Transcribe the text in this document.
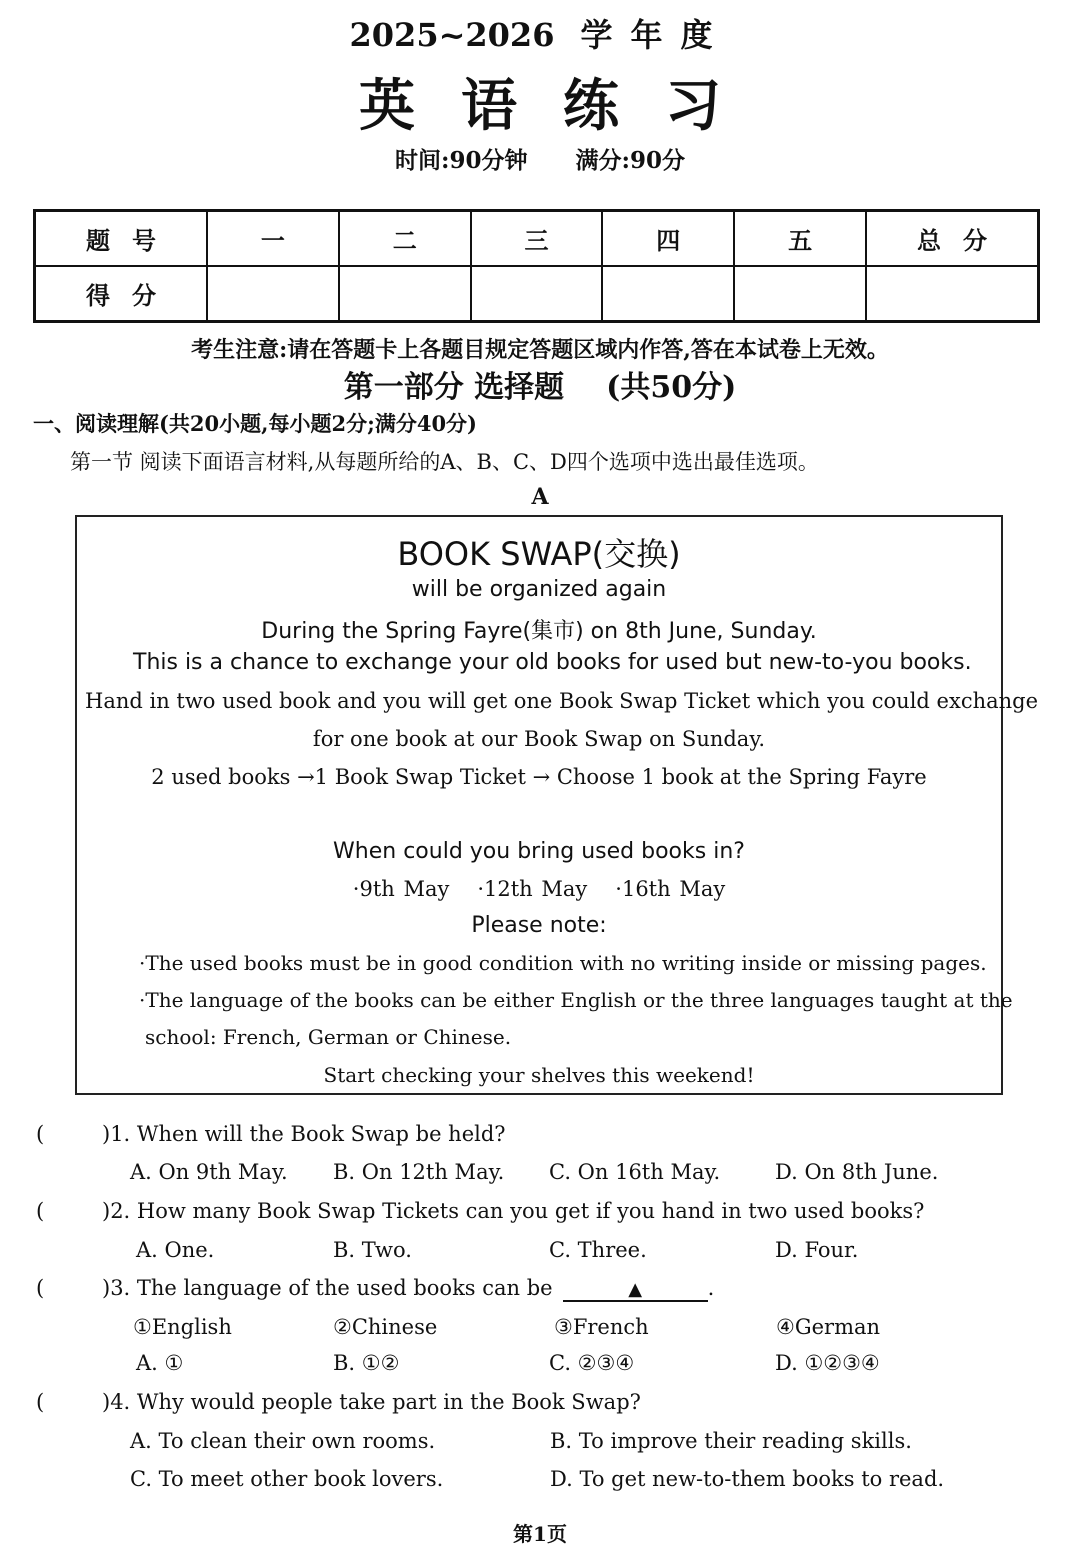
2025~2026 学年度
英语练习
时间:90分钟 满分:90分
题号	一	二	三	四	五	总分
得分						
考生注意:请在答题卡上各题目规定答题区域内作答,答在本试卷上无效。
第一部分 选择题 (共50分)
一、阅读理解(共20小题,每小题2分;满分40分)
第一节 阅读下面语言材料,从每题所给的A、B、C、D四个选项中选出最佳选项。
A
BOOK SWAP(交换)
will be organized again
During the Spring Fayre(集市) on 8th June, Sunday.
This is a chance to exchange your old books for used but new-to-you books.
Hand in two used book and you will get one Book Swap Ticket which you could exchange
for one book at our Book Swap on Sunday.
2 used books →1 Book Swap Ticket → Choose 1 book at the Spring Fayre
When could you bring used books in?
·9th May ·12th May ·16th May
Please note:
·The used books must be in good condition with no writing inside or missing pages.
·The language of the books can be either English or the three languages taught at the
school: French, German or Chinese.
Start checking your shelves this weekend!
(	)1. When will the Book Swap be held?
A. On 9th May. B. On 12th May. C. On 16th May.	D. On 8th June.
(	)2. How many Book Swap Tickets can you get if you hand in two used books?
A. One.	B. Two.	C. Three.	D. Four.
(	)3. The language of the used books can be	▲	.
①English	②Chinese	③French	④German
A. ①	B. ①②	C. ②③④	D. ①②③④
(	)4. Why would people take part in the Book Swap?
A. To clean their own rooms.	B. To improve their reading skills.
C. To meet other book lovers.	D. To get new-to-them books to read.
第1页
